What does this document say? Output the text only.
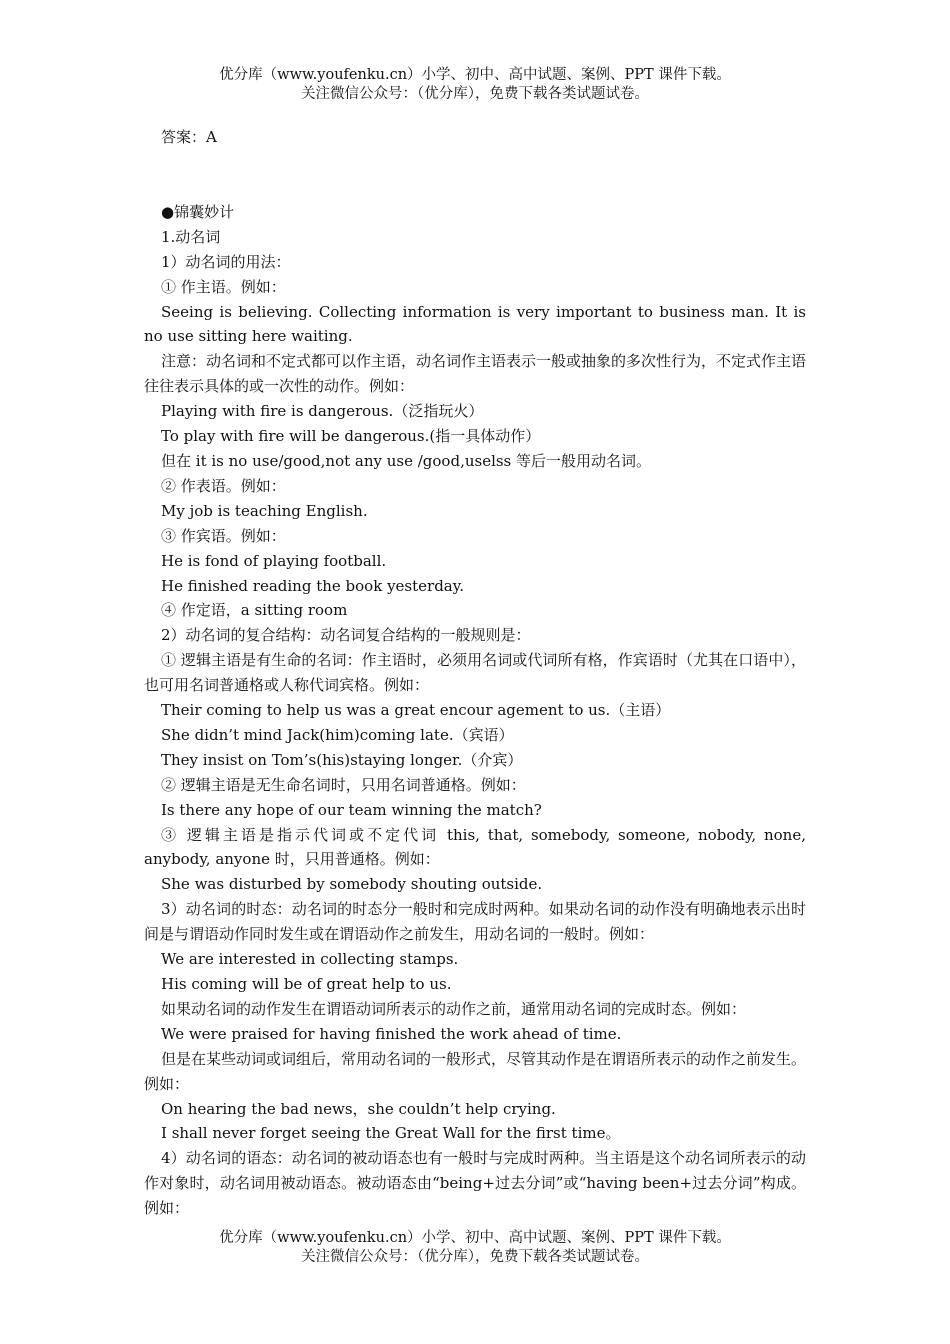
优分库（www.youfenku.cn）小学、初中、高中试题、案例、PPT 课件下载。
关注微信公众号：（优分库），免费下载各类试题试卷。

答案：A

●锦囊妙计

1.动名词

1）动名词的用法：

① 作主语。例如：

Seeing is believing. Collecting information is very important to business man. It is no use sitting here waiting.

注意：动名词和不定式都可以作主语，动名词作主语表示一般或抽象的多次性行为，不定式作主语往往表示具体的或一次性的动作。例如：

Playing with fire is dangerous.（泛指玩火）

To play with fire will be dangerous.(指一具体动作）

但在 it is no use/good,not any use /good,uselss 等后一般用动名词。

② 作表语。例如：

My job is teaching English.

③ 作宾语。例如：

He is fond of playing football.

He finished reading the book yesterday.

④ 作定语，a sitting room

2）动名词的复合结构：动名词复合结构的一般规则是：

① 逻辑主语是有生命的名词：作主语时，必须用名词或代词所有格，作宾语时（尤其在口语中），也可用名词普通格或人称代词宾格。例如：

Their coming to help us was a great encour agement to us.（主语）

She didn’t mind Jack(him)coming late.（宾语）

They insist on Tom’s(his)staying longer.（介宾）

② 逻辑主语是无生命名词时，只用名词普通格。例如：

Is there any hope of our team winning the match?

③ 逻辑主语是指示代词或不定代词 this, that, somebody, someone, nobody, none, anybody, anyone 时，只用普通格。例如：

She was disturbed by somebody shouting outside.

3）动名词的时态：动名词的时态分一般时和完成时两种。如果动名词的动作没有明确地表示出时间是与谓语动作同时发生或在谓语动作之前发生，用动名词的一般时。例如：

We are interested in collecting stamps.

His coming will be of great help to us.

如果动名词的动作发生在谓语动词所表示的动作之前，通常用动名词的完成时态。例如：

We were praised for having finished the work ahead of time.

但是在某些动词或词组后，常用动名词的一般形式，尽管其动作是在谓语所表示的动作之前发生。例如：

On hearing the bad news，she couldn’t help crying.

I shall never forget seeing the Great Wall for the first time。

4）动名词的语态：动名词的被动语态也有一般时与完成时两种。当主语是这个动名词所表示的动作对象时，动名词用被动语态。被动语态由“being+过去分词”或“having been+过去分词”构成。例如：

优分库（www.youfenku.cn）小学、初中、高中试题、案例、PPT 课件下载。
关注微信公众号：（优分库），免费下载各类试题试卷。
